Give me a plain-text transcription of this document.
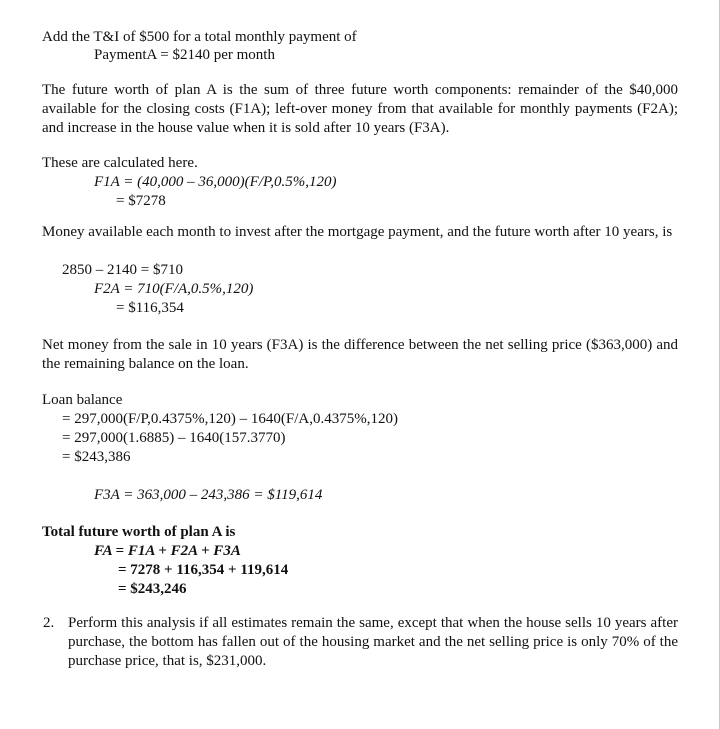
Add the T&I of $500 for a total monthly payment of
PaymentA = $2140 per month
The future worth of plan A is the sum of three future worth components: remainder of the $40,000 available for the closing costs (F1A); left-over money from that available for monthly payments (F2A); and increase in the house value when it is sold after 10 years (F3A).
These are calculated here.
F1A = (40,000 – 36,000)(F/P,0.5%,120)
= $7278
Money available each month to invest after the mortgage payment, and the future worth after 10 years, is
2850 – 2140 = $710
F2A = 710(F/A,0.5%,120)
= $116,354
Net money from the sale in 10 years (F3A) is the difference between the net selling price ($363,000) and the remaining balance on the loan.
Loan balance
= 297,000(F/P,0.4375%,120) – 1640(F/A,0.4375%,120)
= 297,000(1.6885) – 1640(157.3770)
= $243,386
F3A = 363,000 – 243,386 = $119,614
Total future worth of plan A is
FA = F1A + F2A + F3A
= 7278 + 116,354 + 119,614
= $243,246
2. Perform this analysis if all estimates remain the same, except that when the house sells 10 years after purchase, the bottom has fallen out of the housing market and the net selling price is only 70% of the purchase price, that is, $231,000.
